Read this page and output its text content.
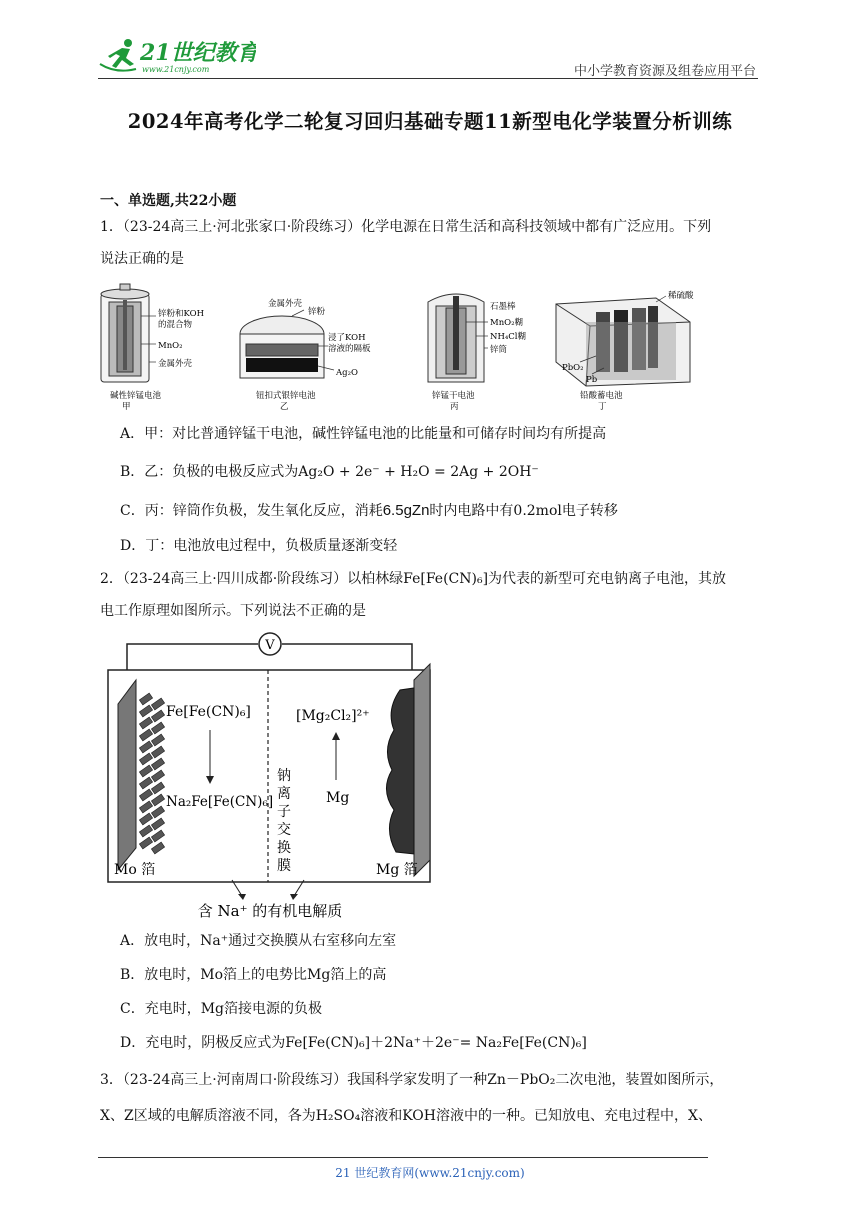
21世纪教育
www.21cnjy.com	中小学教育资源及组卷应用平台
2024年高考化学二轮复习回归基础专题11新型电化学装置分析训练
一、单选题,共22小题
1．（23-24高三上·河北张家口·阶段练习）化学电源在日常生活和高科技领域中都有广泛应用。下列
说法正确的是
锌粉和KOH
的混合物
MnO₂
金属外壳
碱性锌锰电池
甲
金属外壳
锌粉
浸了KOH
溶液的隔板
Ag₂O
钮扣式银锌电池
乙
石墨棒
MnO₂糊
NH₄Cl糊
锌筒
锌锰干电池
丙
稀硫酸
PbO₂
Pb
铅酸蓄电池
丁
A．甲：对比普通锌锰干电池，碱性锌锰电池的比能量和可储存时间均有所提高
B．乙：负极的电极反应式为Ag₂O + 2e⁻ + H₂O = 2Ag + 2OH⁻
C．丙：锌筒作负极，发生氧化反应，消耗6.5gZn时内电路中有0.2mol电子转移
D．丁：电池放电过程中，负极质量逐渐变轻
2．（23-24高三上·四川成都·阶段练习）以柏林绿Fe[Fe(CN)₆]为代表的新型可充电钠离子电池，其放
电工作原理如图所示。下列说法不正确的是
V
Fe[Fe(CN)₆]
Na₂Fe[Fe(CN)₆]
[Mg₂Cl₂]²⁺
Mg
钠
离
子
交
换
膜
Mo 箔	Mg 箔
含 Na⁺ 的有机电解质
A．放电时，Na⁺通过交换膜从右室移向左室
B．放电时，Mo箔上的电势比Mg箔上的高
C．充电时，Mg箔接电源的负极
D．充电时，阴极反应式为Fe[Fe(CN)₆]＋2Na⁺＋2e⁻= Na₂Fe[Fe(CN)₆]
3．（23-24高三上·河南周口·阶段练习）我国科学家发明了一种Zn－PbO₂二次电池，装置如图所示，
X、Z区域的电解质溶液不同，各为H₂SO₄溶液和KOH溶液中的一种。已知放电、充电过程中，X、
21 世纪教育网(www.21cnjy.com)
